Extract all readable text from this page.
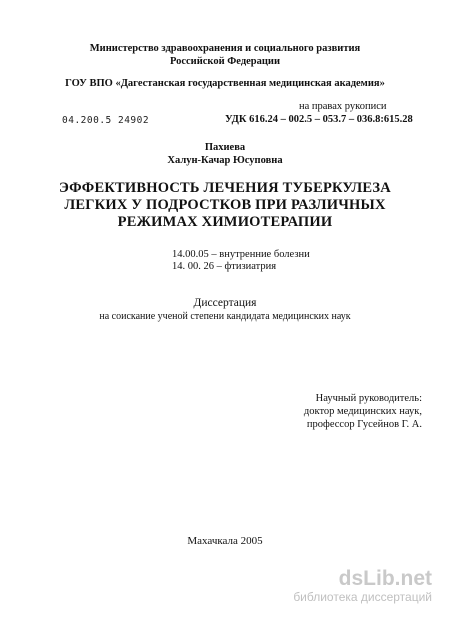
Министерство здравоохранения и социального развития
Российской Федерации
ГОУ ВПО «Дагестанская государственная медицинская академия»
на правах рукописи
04.200.5 24902	УДК 616.24 – 002.5 – 053.7 – 036.8:615.28
Пахиева
Халун-Качар Юсуповна
ЭФФЕКТИВНОСТЬ ЛЕЧЕНИЯ ТУБЕРКУЛЕЗА
ЛЕГКИХ У ПОДРОСТКОВ ПРИ РАЗЛИЧНЫХ
РЕЖИМАХ ХИМИОТЕРАПИИ
14.00.05 – внутренние болезни
14. 00. 26 – фтизиатрия
Диссертация
на соискание ученой степени кандидата медицинских наук
Научный руководитель:
доктор медицинских наук,
профессор Гусейнов Г. А.
Махачкала 2005
dsLib.net
библиотека диссертаций
